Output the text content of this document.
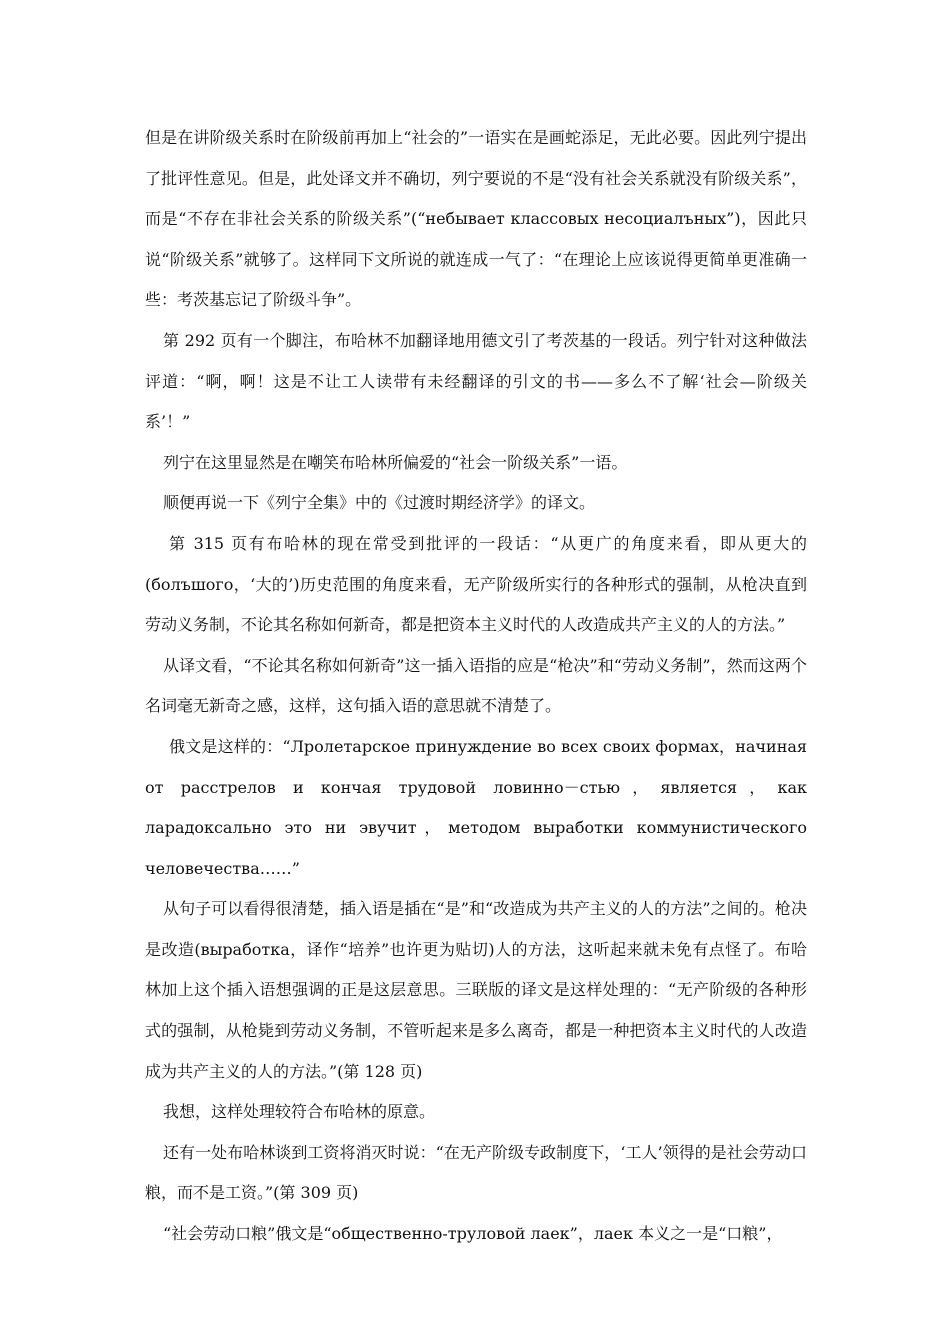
但是在讲阶级关系时在阶级前再加上“社会的”一语实在是画蛇添足，无此必要。因此列宁提出了批评性意见。但是，此处译文并不确切，列宁要说的不是“没有社会关系就没有阶级关系”，而是“不存在非社会关系的阶级关系”(“небывает классовых несоциалъных”)，因此只说“阶级关系”就够了。这样同下文所说的就连成一气了：“在理论上应该说得更简单更准确一些：考茨基忘记了阶级斗争”。

第 292 页有一个脚注，布哈林不加翻译地用德文引了考茨基的一段话。列宁针对这种做法评道：“啊，啊！这是不让工人读带有未经翻译的引文的书——多么不了解‘社会—阶级关系’！”

列宁在这里显然是在嘲笑布哈林所偏爱的“社会一阶级关系”一语。

顺便再说一下《列宁全集》中的《过渡时期经济学》的译文。

第 315 页有布哈林的现在常受到批评的一段话：“从更广的角度来看，即从更大的(болъшого，‘大的’)历史范围的角度来看，无产阶级所实行的各种形式的强制，从枪决直到劳动义务制，不论其名称如何新奇，都是把资本主义时代的人改造成共产主义的人的方法。”

从译文看，“不论其名称如何新奇”这一插入语指的应是“枪决”和“劳动义务制”，然而这两个名词毫无新奇之感，这样，这句插入语的意思就不清楚了。

俄文是这样的：“Лролетарское принуждение во всех своих формах，начиная от расстрелов и кончая трудовой ловинно－стью，является，как ларадоксально это ни эвучит，методом выработки коммунистического человечества……”

从句子可以看得很清楚，插入语是插在“是”和“改造成为共产主义的人的方法”之间的。枪决是改造(выработка，译作“培养”也许更为贴切)人的方法，这听起来就未免有点怪了。布哈林加上这个插入语想强调的正是这层意思。三联版的译文是这样处理的：“无产阶级的各种形式的强制，从枪毙到劳动义务制，不管听起来是多么离奇，都是一种把资本主义时代的人改造成为共产主义的人的方法。”(第 128 页)

我想，这样处理较符合布哈林的原意。

还有一处布哈林谈到工资将消灭时说：“在无产阶级专政制度下，‘工人’领得的是社会劳动口粮，而不是工资。”(第 309 页)

“社会劳动口粮”俄文是“общественно-труловой лаек”，лаек 本义之一是“口粮”，
